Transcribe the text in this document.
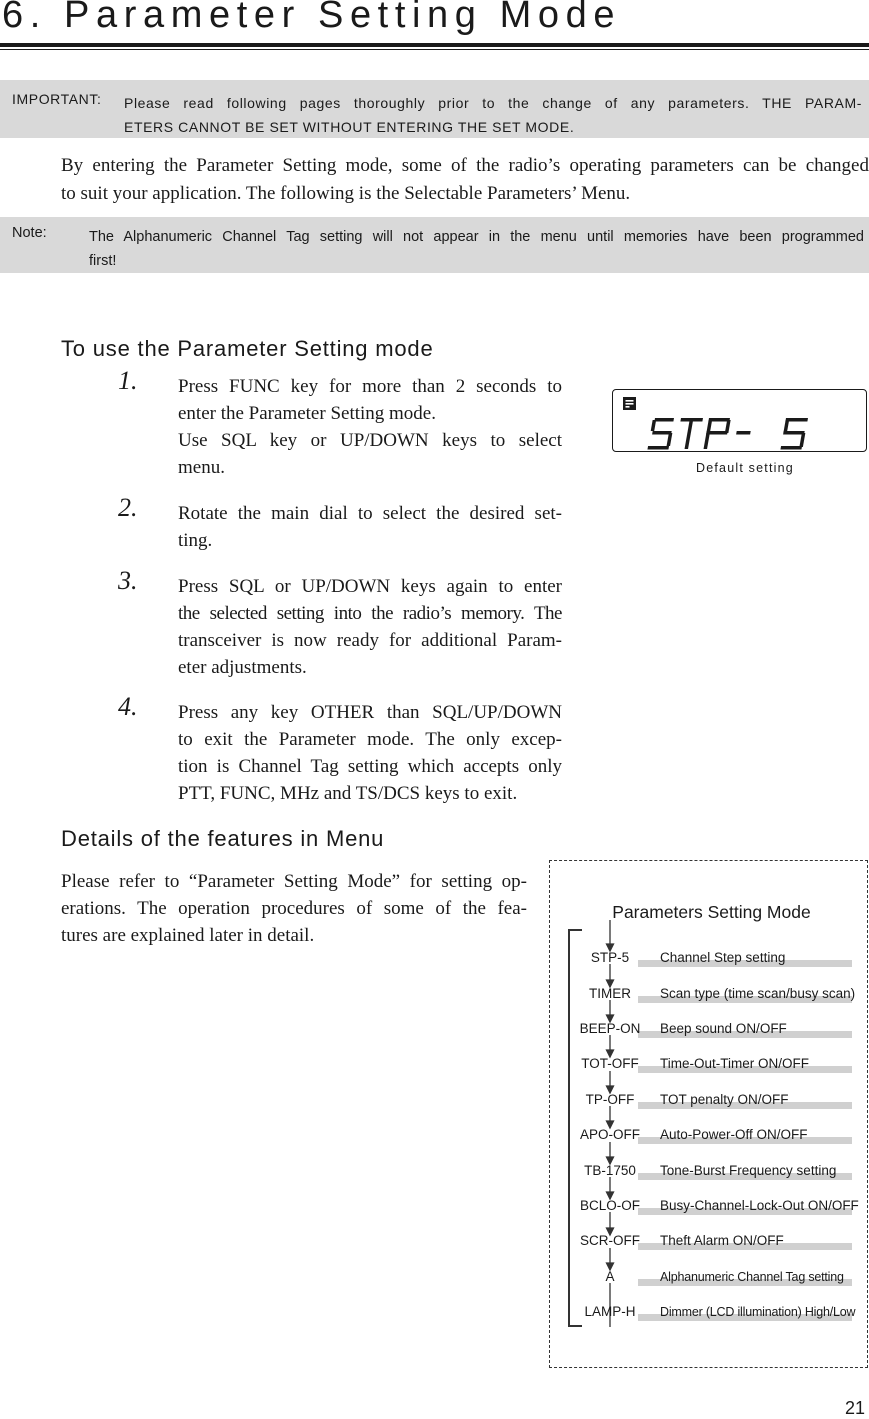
6. Parameter Setting Mode
IMPORTANT: Please read following pages thoroughly prior to the change of any parameters. THE PARAM-
ETERS CANNOT BE SET WITHOUT ENTERING THE SET MODE.
By entering the Parameter Setting mode, some of the radio’s operating parameters can be changed
to suit your application. The following is the Selectable Parameters’ Menu.
Note:	The Alphanumeric Channel Tag setting will not appear in the menu until memories have been programmed
first!
To use the Parameter Setting mode
1. Press FUNC key for more than 2 seconds to
enter the Parameter Setting mode.
Use SQL key or UP/DOWN keys to select
menu.
2. Rotate the main dial to select the desired set-
ting.
3. Press SQL or UP/DOWN keys again to enter
the selected setting into the radio’s memory. The
transceiver is now ready for additional Param-
eter adjustments.
4. Press any key OTHER than SQL/UP/DOWN
to exit the Parameter mode. The only excep-
tion is Channel Tag setting which accepts only
PTT, FUNC, MHz and TS/DCS keys to exit.
Default setting
Details of the features in Menu
Please refer to “Parameter Setting Mode” for setting op-
erations. The operation procedures of some of the fea-
tures are explained later in detail.
Parameters Setting Mode
STP-5	Channel Step setting
TIMER	Scan type (time scan/busy scan)
BEEP-ON	Beep sound ON/OFF
TOT-OFF	Time-Out-Timer ON/OFF
TP-OFF	TOT penalty ON/OFF
APO-OFF	Auto-Power-Off ON/OFF
TB-1750	Tone-Burst Frequency setting
BCLO-OF	Busy-Channel-Lock-Out ON/OFF
SCR-OFF	Theft Alarm ON/OFF
A	Alphanumeric Channel Tag setting
LAMP-H	Dimmer (LCD illumination) High/Low
21
